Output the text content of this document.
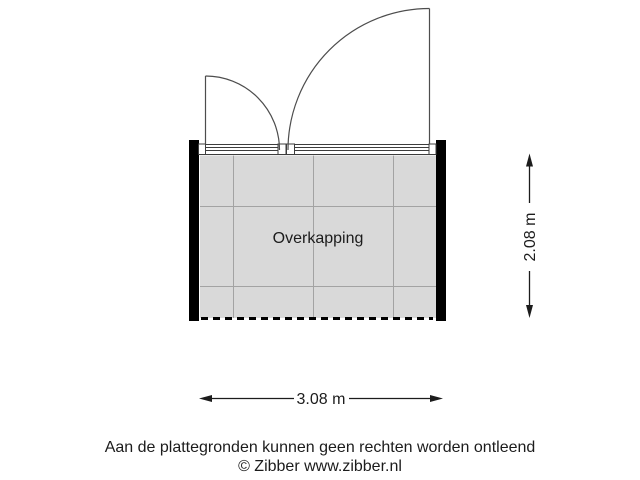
Overkapping	2.08 m
3.08 m
Aan de plattegronden kunnen geen rechten worden ontleend
© Zibber www.zibber.nl
